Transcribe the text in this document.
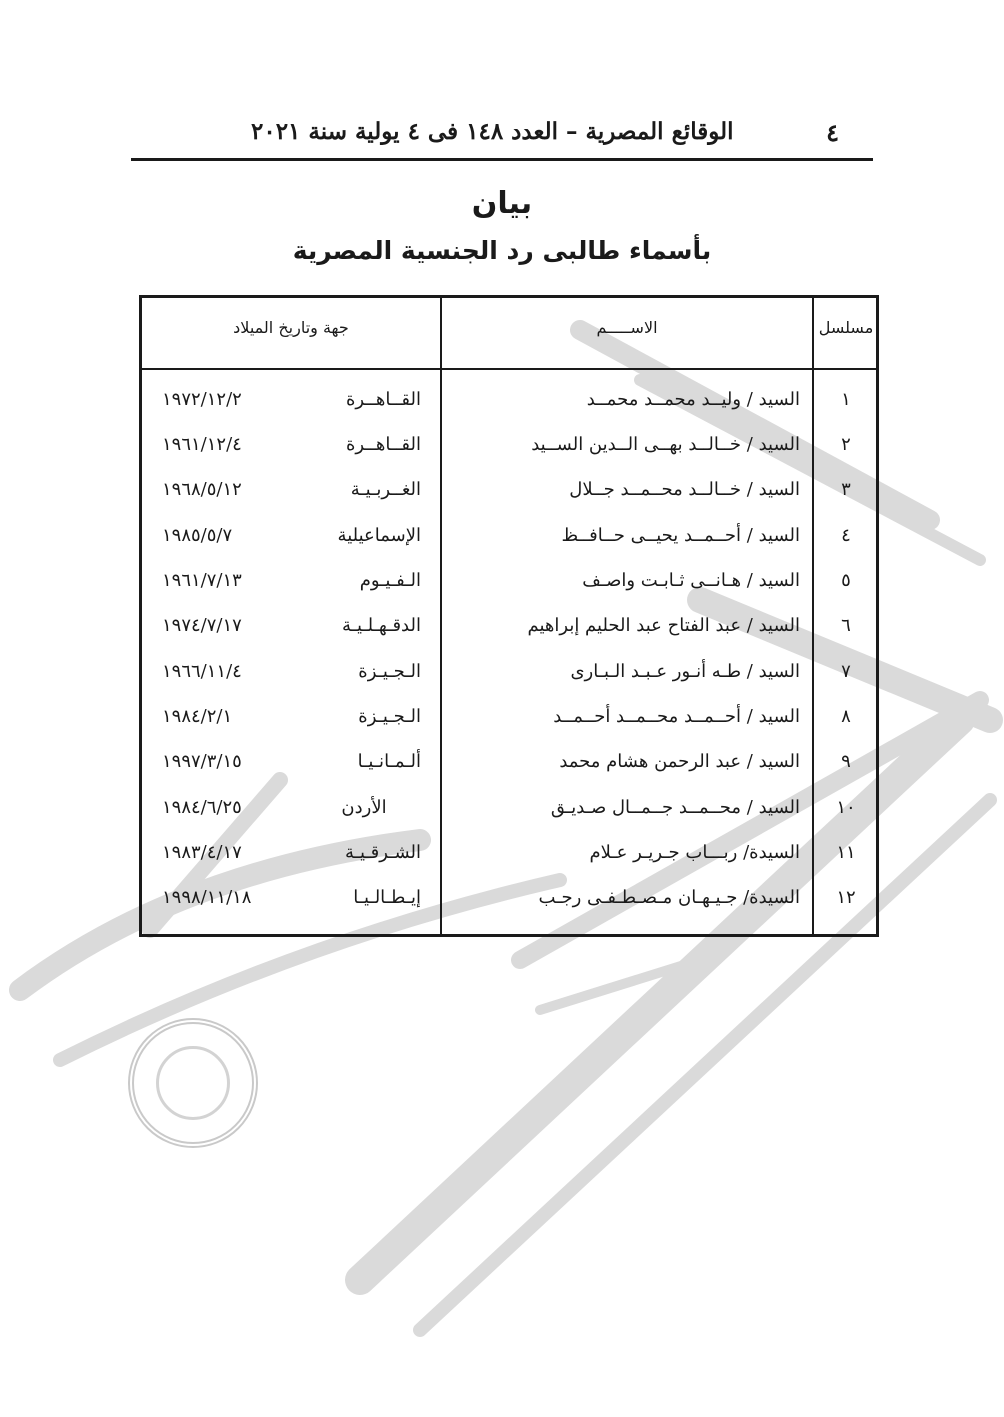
٤
الوقائع المصرية – العدد ١٤٨ فى ٤ يولية سنة ٢٠٢١
بيان
بأسماء طالبى رد الجنسية المصرية
مسلسل
الاســـــم
جهة وتاريخ الميلاد
١
السيد / وليــد محمــد محمــد
القــاهــرة
١٩٧٢/١٢/٢
٢
السيد / خــالــد بهــى الــدين الســيد
القــاهــرة
١٩٦١/١٢/٤
٣
السيد / خــالــد محــمــد جــلال
الغــربـيـة
١٩٦٨/٥/١٢
٤
السيد / أحــمــد يحيــى حــافــظ
الإسماعيلية
١٩٨٥/٥/٧
٥
السيد / هـانــى ثـابـت واصـف
الـفـيـوم
١٩٦١/٧/١٣
٦
السيد / عبد الفتاح عبد الحليم إبراهيم
الدقـهـلـيـة
١٩٧٤/٧/١٧
٧
السيد / طـه أنـور عـبـد الـبـارى
الـجـيـزة
١٩٦٦/١١/٤
٨
السيد / أحــمــد محــمــد أحــمــد
الـجـيـزة
١٩٨٤/٢/١
٩
السيد / عبد الرحمن هشام محمد
ألـمـانـيـا
١٩٩٧/٣/١٥
١٠
السيد / محــمــد جــمــال صـديـق
الأردن
١٩٨٤/٦/٢٥
١١
السيدة/ ربـــاب جـريـر عـلام
الشـرقـيـة
١٩٨٣/٤/١٧
١٢
السيدة/ جـيـهـان مـصـطـفـى رجـب
إيـطـالـيـا
١٩٩٨/١١/١٨
